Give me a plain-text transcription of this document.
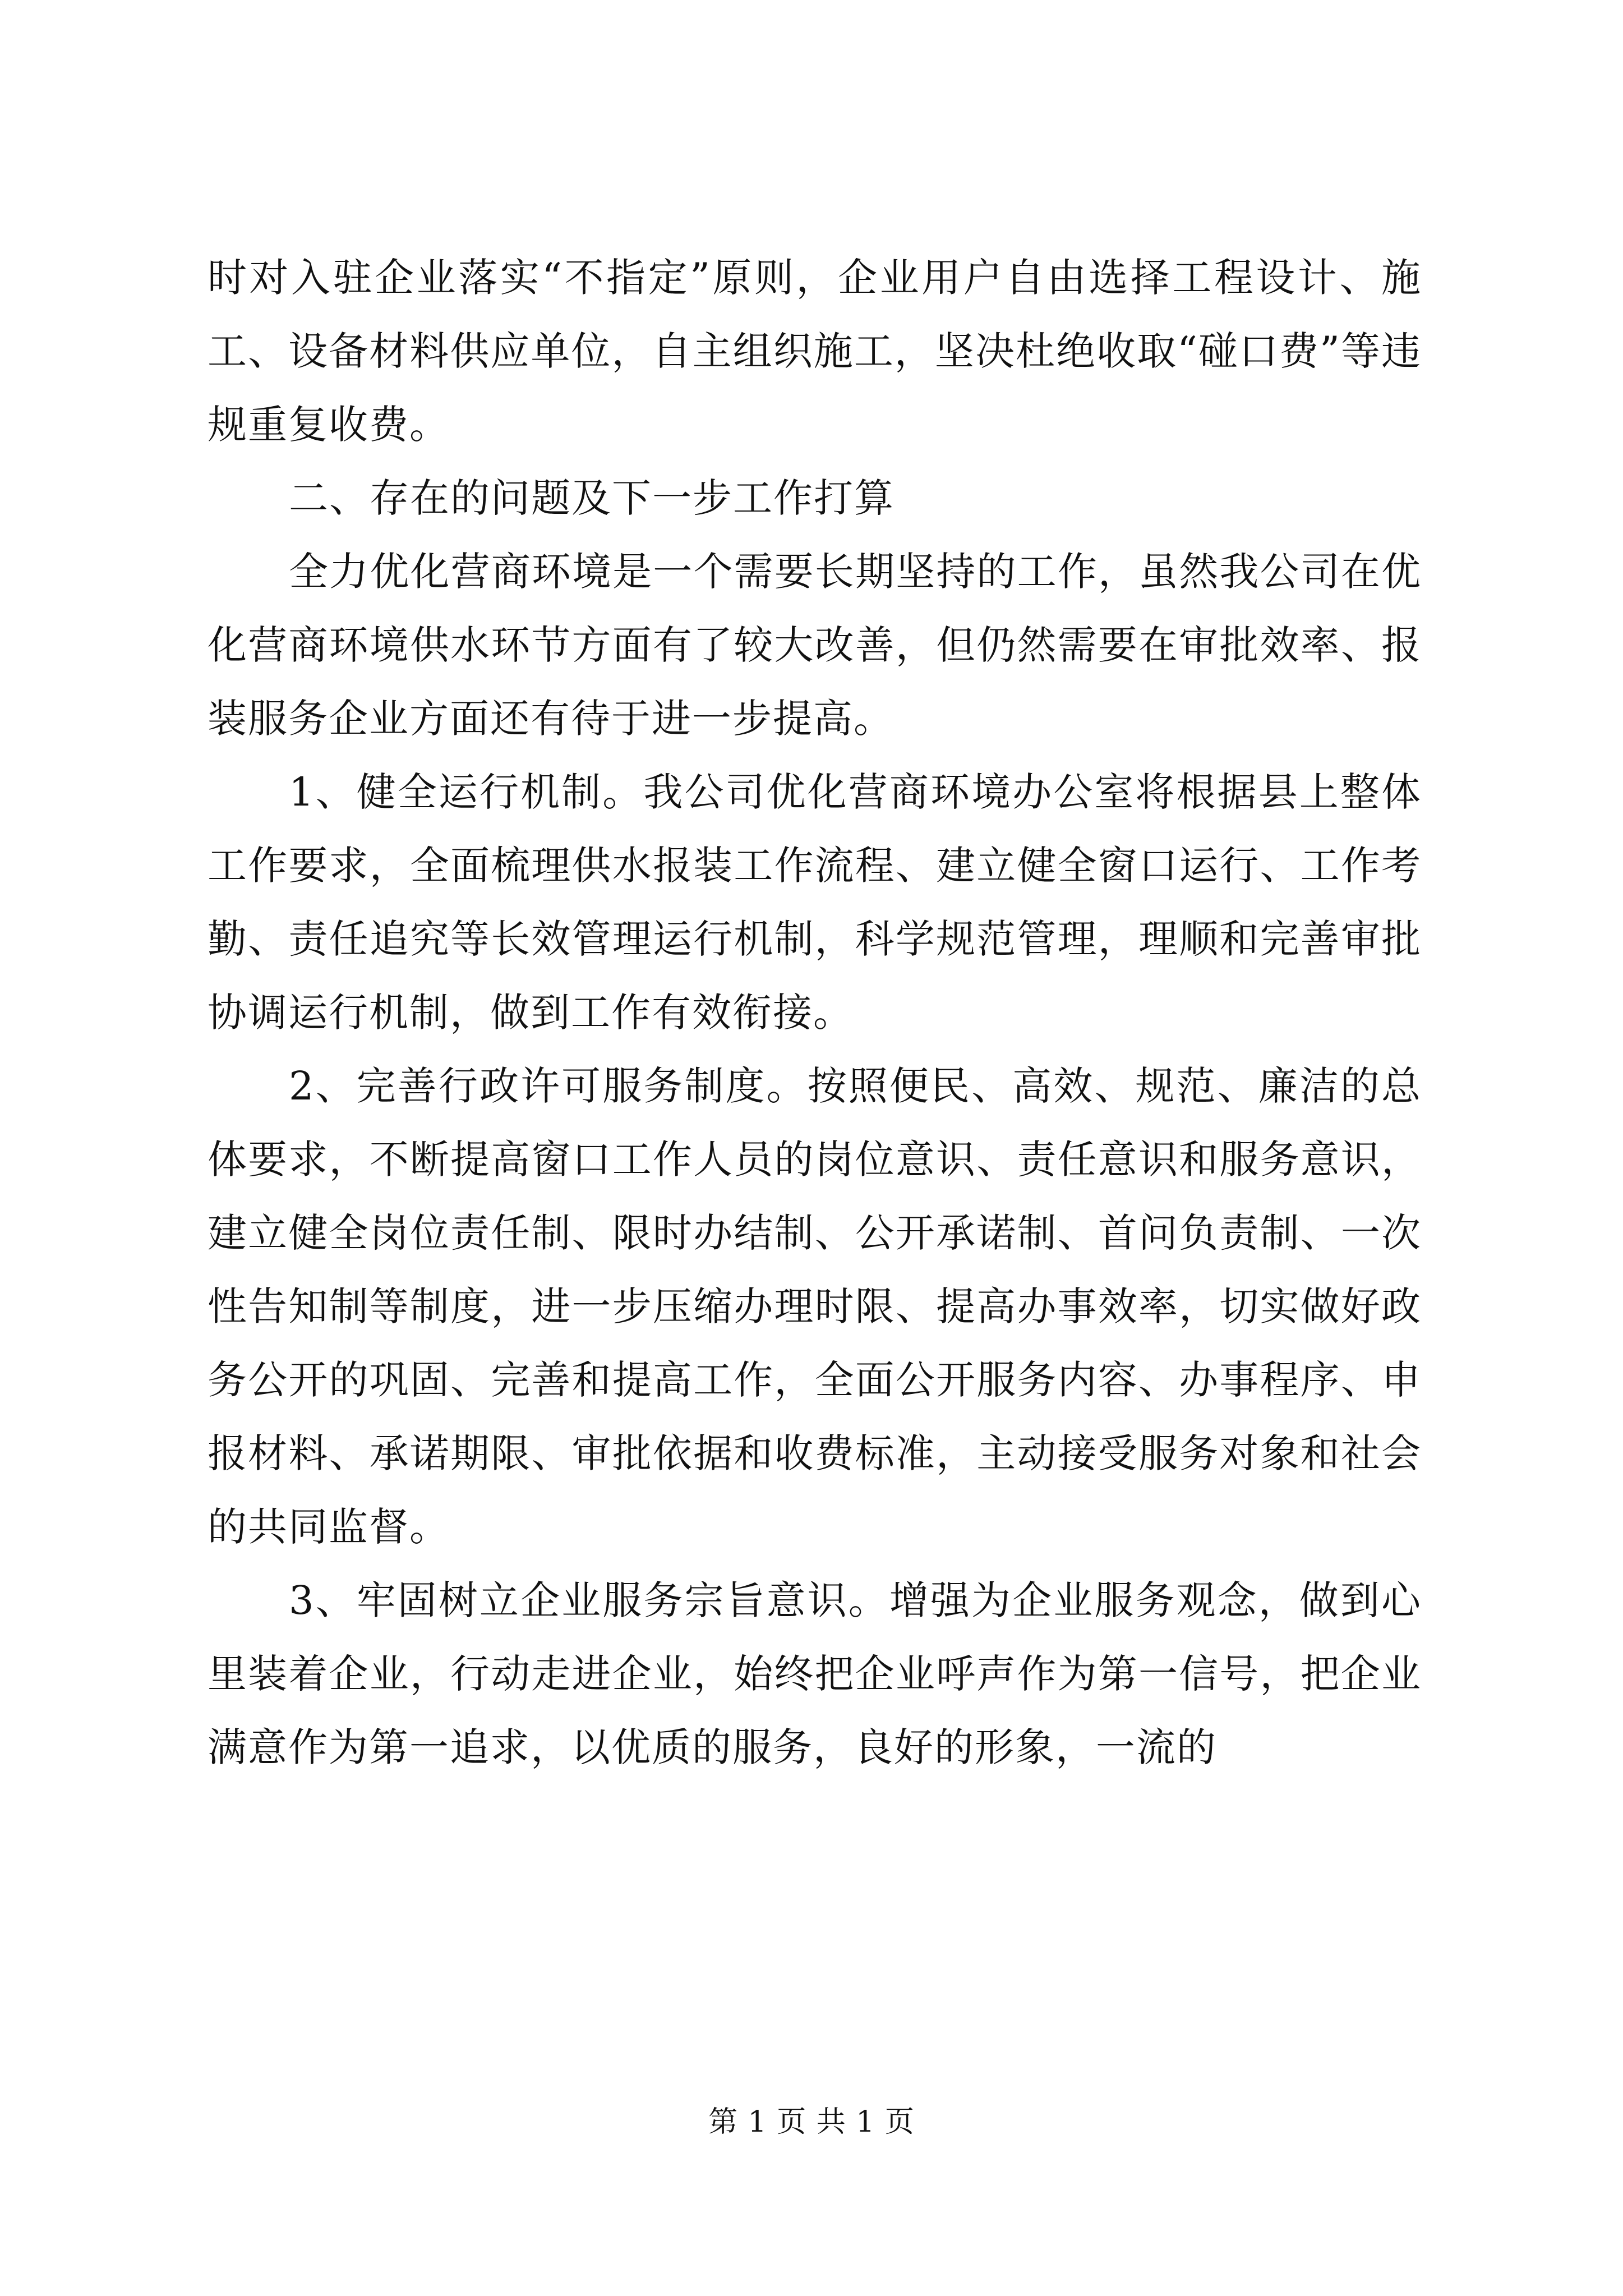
时对入驻企业落实“不指定”原则，企业用户自由选择工程设计、施工、设备材料供应单位，自主组织施工，坚决杜绝收取“碰口费”等违规重复收费。

二、存在的问题及下一步工作打算

全力优化营商环境是一个需要长期坚持的工作，虽然我公司在优化营商环境供水环节方面有了较大改善，但仍然需要在审批效率、报装服务企业方面还有待于进一步提高。

1、健全运行机制。我公司优化营商环境办公室将根据县上整体工作要求，全面梳理供水报装工作流程、建立健全窗口运行、工作考勤、责任追究等长效管理运行机制，科学规范管理，理顺和完善审批协调运行机制，做到工作有效衔接。

2、完善行政许可服务制度。按照便民、高效、规范、廉洁的总体要求，不断提高窗口工作人员的岗位意识、责任意识和服务意识，建立健全岗位责任制、限时办结制、公开承诺制、首问负责制、一次性告知制等制度，进一步压缩办理时限、提高办事效率，切实做好政务公开的巩固、完善和提高工作，全面公开服务内容、办事程序、申报材料、承诺期限、审批依据和收费标准，主动接受服务对象和社会的共同监督。

3、牢固树立企业服务宗旨意识。增强为企业服务观念，做到心里装着企业，行动走进企业，始终把企业呼声作为第一信号，把企业满意作为第一追求，以优质的服务，良好的形象，一流的

第 1 页 共 1 页
